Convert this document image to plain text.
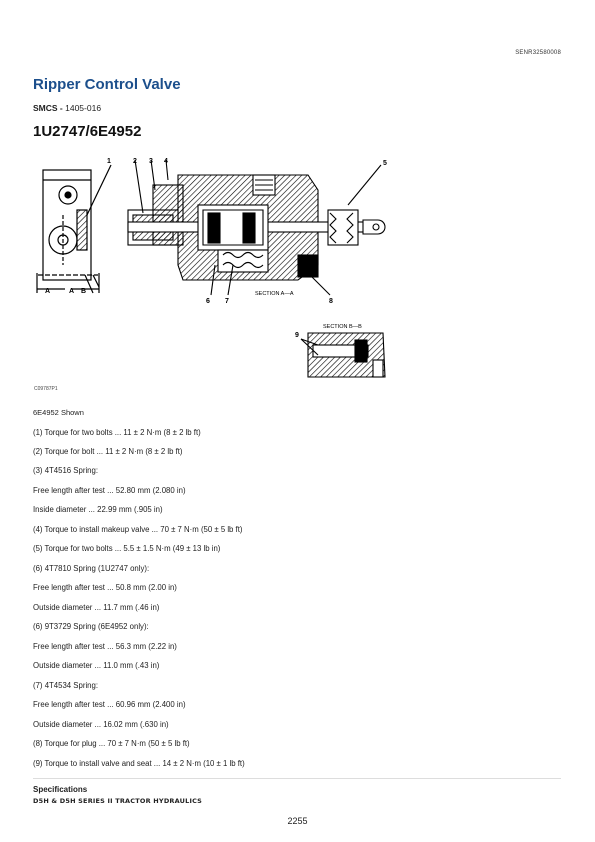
SENR32580008
Ripper Control Valve
SMCS - 1405-016
1U2747/6E4952
A	A B
1	2 3 4	5
6 7	8
9
SECTION A—A
SECTION B—B
C09787P1
6E4952 Shown
(1) Torque for two bolts ... 11 ± 2 N·m (8 ± 2 lb ft)
(2) Torque for bolt ... 11 ± 2 N·m (8 ± 2 lb ft)
(3) 4T4516 Spring:
Free length after test ... 52.80 mm (2.080 in)
Inside diameter ... 22.99 mm (.905 in)
(4) Torque to install makeup valve ... 70 ± 7 N·m (50 ± 5 lb ft)
(5) Torque for two bolts ... 5.5 ± 1.5 N·m (49 ± 13 lb in)
(6) 4T7810 Spring (1U2747 only):
Free length after test ... 50.8 mm (2.00 in)
Outside diameter ... 11.7 mm (.46 in)
(6) 9T3729 Spring (6E4952 only):
Free length after test ... 56.3 mm (2.22 in)
Outside diameter ... 11.0 mm (.43 in)
(7) 4T4534 Spring:
Free length after test ... 60.96 mm (2.400 in)
Outside diameter ... 16.02 mm (.630 in)
(8) Torque for plug ... 70 ± 7 N·m (50 ± 5 lb ft)
(9) Torque to install valve and seat ... 14 ± 2 N·m (10 ± 1 lb ft)
Specifications
D5H & D5H SERIES II TRACTOR HYDRAULICS
2255
